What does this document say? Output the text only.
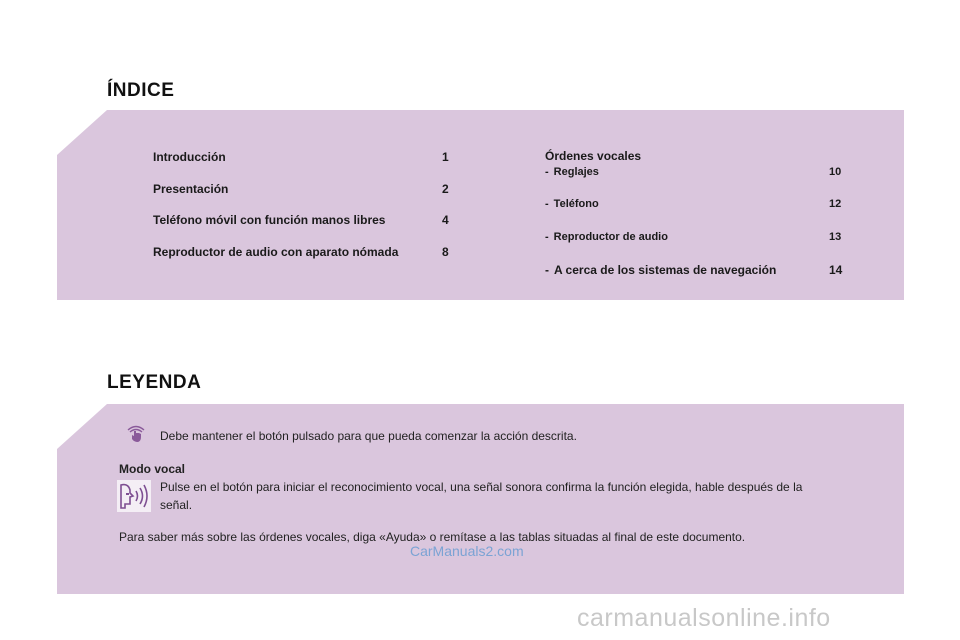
ÍNDICE
Introducción	1
Presentación	2
Teléfono móvil con función manos libres	4
Reproductor de audio con aparato nómada	8
Órdenes vocales
- Reglajes	10
- Teléfono	12
- Reproductor de audio	13
- A cerca de los sistemas de navegación	14
LEYENDA
Debe mantener el botón pulsado para que pueda comenzar la acción descrita.
Modo vocal
Pulse en el botón para iniciar el reconocimiento vocal, una señal sonora confirma la función elegida, hable después de la
señal.
Para saber más sobre las órdenes vocales, diga «Ayuda» o remítase a las tablas situadas al final de este documento.
CarManuals2.com
carmanualsonline.info
